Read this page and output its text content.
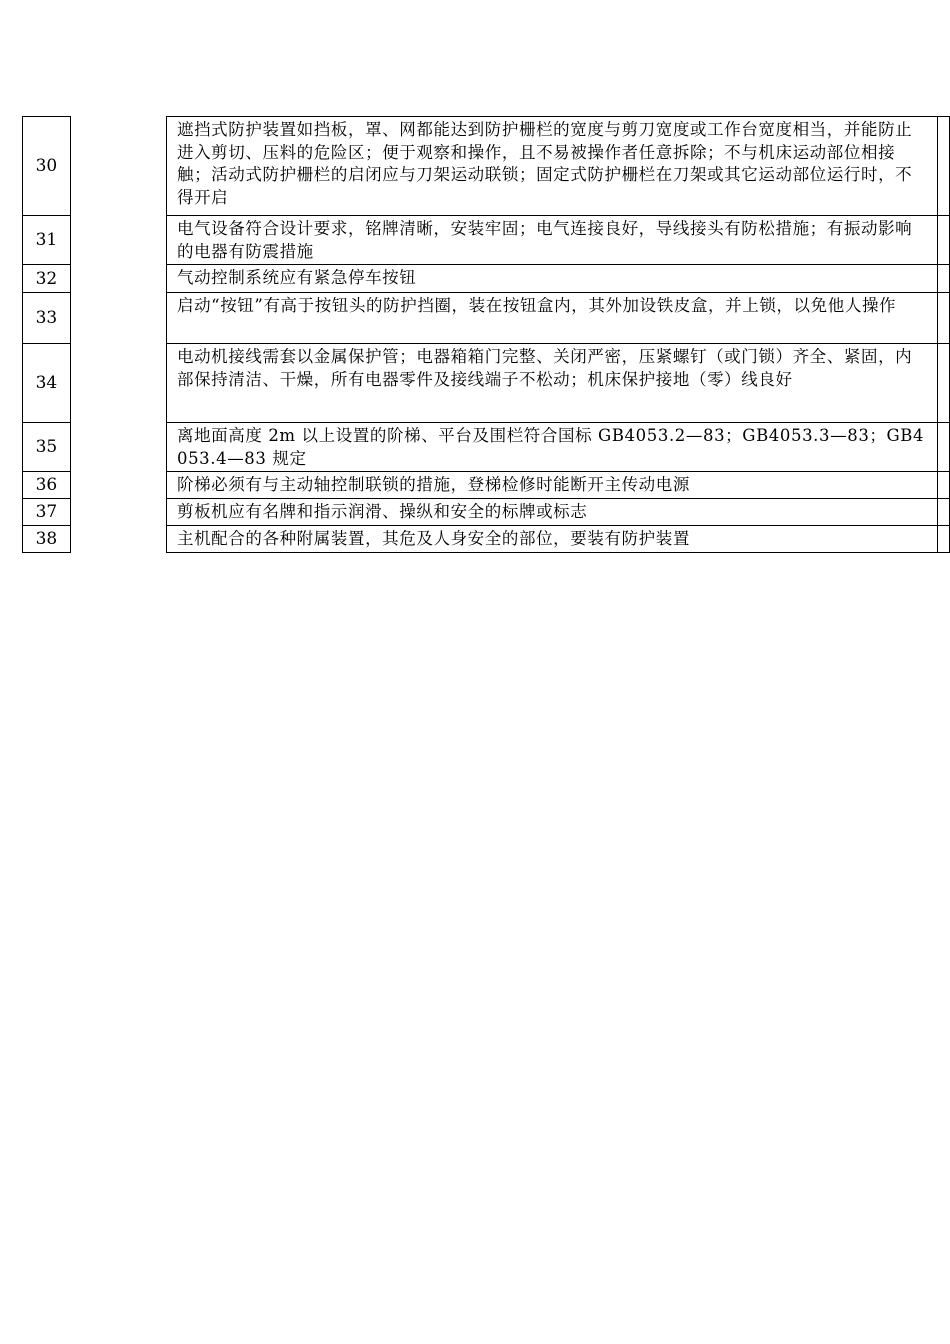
30		遮挡式防护装置如挡板，罩、网都能达到防护栅栏的宽度与剪刀宽度或工作台宽度相当，并能防止进入剪切、压料的危险区；便于观察和操作，且不易被操作者任意拆除；不与机床运动部位相接触；活动式防护栅栏的启闭应与刀架运动联锁；固定式防护栅栏在刀架或其它运动部位运行时，不得开启	

31		电气设备符合设计要求，铭牌清晰，安装牢固；电气连接良好，导线接头有防松措施；有振动影响的电器有防震措施	

32		气动控制系统应有紧急停车按钮	

33		启动“按钮”有高于按钮头的防护挡圈，装在按钮盒内，其外加设铁皮盒，并上锁，以免他人操作	

34		电动机接线需套以金属保护管；电器箱箱门完整、关闭严密，压紧螺钉（或门锁）齐全、紧固，内部保持清洁、干燥，所有电器零件及接线端子不松动；机床保护接地（零）线良好	

35		离地面高度 2m 以上设置的阶梯、平台及围栏符合国标 GB4053.2—83；GB4053.3—83；GB4053.4—83 规定	

36		阶梯必须有与主动轴控制联锁的措施，登梯检修时能断开主传动电源	

37		剪板机应有名牌和指示润滑、操纵和安全的标牌或标志	

38		主机配合的各种附属装置，其危及人身安全的部位，要装有防护装置	
